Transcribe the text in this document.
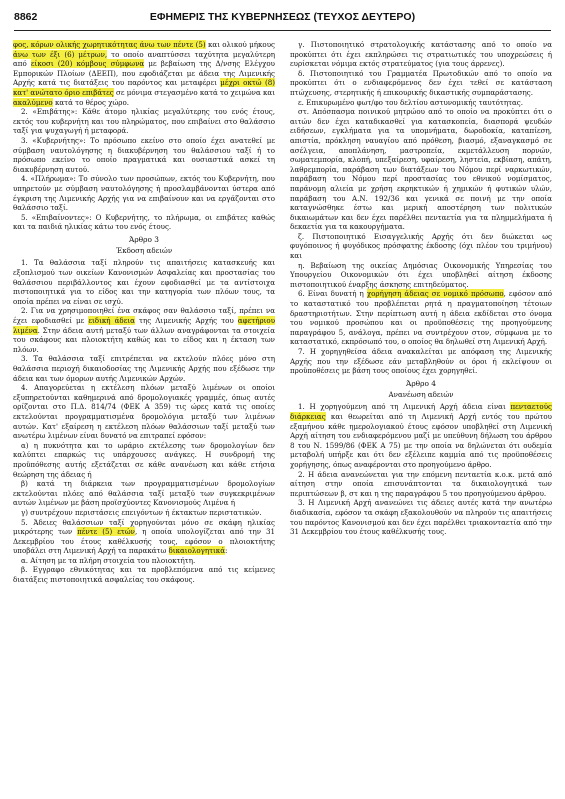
8862	ΕΦΗΜΕΡΙΣ ΤΗΣ ΚΥΒΕΡΝΗΣΕΩΣ (ΤΕΥΧΟΣ ΔΕΥΤΕΡΟ)

φος, κόρων ολικής χωρητικότητας άνω των πέντε (5) και ολικού μήκους άνω των έξι (6) μέτρων, το οποίο αναπτύσσει ταχύτητα μεγαλύτερη από είκοσι (20) κόμβους σύμφωνα με βεβαίωση της Δ/νσης Ελέγχου Εμπορικών Πλοίων (ΔΕΕΠ), που εφοδιάζεται με άδεια της Λιμενικής Αρχής κατά τις διατάξεις του παρόντος και μεταφέρει μέχρι οκτώ (8) κατ' ανώτατο όριο επιβάτες σε μόνιμα στεγασμένο κατά το χειμώνα και ακαλύμενο κατά το θέρος χώρο.

2. «Επιβάτης»: Κάθε άτομο ηλικίας μεγαλύτερης του ενός έτους, εκτός του κυβερνήτη και του πληρώματος, που επιβαίνει στο θαλάσσιο ταξί για ψυχαγωγή ή μεταφορά.

3. «Κυβερνήτης»: Το πρόσωπο εκείνο στο οποίο έχει ανατεθεί με σύμβαση ναυτολόγησης η διακυβέρνηση του θαλάσσιου ταξί ή το πρόσωπο εκείνο το οποίο πραγματικά και ουσιαστικά ασκεί τη διακυβέρνηση αυτού.

4. «Πλήρωμα»: Το σύνολο των προσώπων, εκτός του Κυβερνήτη, που υπηρετούν με σύμβαση ναυτολόγησης ή προσλαμβάνονται ύστερα από έγκριση της Λιμενικής Αρχής για να επιβαίνουν και να εργάζονται στο θαλάσσιο ταξί.

5. «Επιβαίνοντες»: Ο Κυβερνήτης, το πλήρωμα, οι επιβάτες καθώς και τα παιδιά ηλικίας κάτω του ενός έτους.

Άρθρο 3
Έκδοση αδειών

1. Τα θαλάσσια ταξί πληρούν τις απαιτήσεις κατασκευής και εξοπλισμού των οικείων Κανονισμών Ασφαλείας και προστασίας του θαλάσσιου περιβάλλοντος και έχουν εφοδιασθεί με τα αντίστοιχα πιστοποιητικά για το είδος και την κατηγορία των πλόων τους, τα οποία πρέπει να είναι σε ισχύ.

2. Για να χρησιμοποιηθεί ένα σκάφος σαν θαλάσσιο ταξί, πρέπει να έχει εφοδιασθεί με ειδική άδεια της Λιμενικής Αρχής του αφετήριου λιμένα. Στην άδεια αυτή μεταξύ των άλλων αναγράφονται τα στοιχεία του σκάφους και πλοιοκτήτη καθώς και το είδος και η έκταση των πλόων.

3. Τα θαλάσσια ταξί επιτρέπεται να εκτελούν πλόες μόνο στη θαλάσσια περιοχή δικαιοδοσίας της Λιμενικής Αρχής που εξέδωσε την άδεια και των όμορων αυτής Λιμενικών Αρχών.

4. Απαγορεύεται η εκτέλεση πλόων μεταξύ λιμένων οι οποίοι εξυπηρετούνται καθημερινά από δρομολογιακές γραμμές, όπως αυτές ορίζονται στο Π.Δ. 814/74 (ΦΕΚ Α 359) τις ώρες κατά τις οποίες εκτελούνται προγραμματισμένα δρομολόγια μεταξύ των λιμένων αυτών. Κατ' εξαίρεση η εκτέλεση πλόων θαλάσσιων ταξί μεταξύ των ανωτέρω λιμένων είναι δυνατό να επιτραπεί εφόσον:

α) η πυκνότητα και το ωράριο εκτέλεσης των δρομολογίων δεν καλύπτει επαρκώς τις υπάρχουσες ανάγκες. Η συνδρομή της προϋπόθεσης αυτής εξετάζεται σε κάθε ανανέωση και κάθε ετήσια θεώρηση της άδειας ή

β) κατά τη διάρκεια των προγραμματισμένων δρομολογίων εκτελούνται πλόες από θαλάσσια ταξί μεταξύ των συγκεκριμένων αυτών λιμένων με βάση προϊσχύοντες Κανονισμούς Λιμένα ή

γ) συντρέχουν περιστάσεις επειγόντων ή έκτακτων περιστατικών.

5. Άδειες θαλάσσιων ταξί χορηγούνται μόνο σε σκάφη ηλικίας μικρότερης των πέντε (5) ετών, η οποία υπολογίζεται από την 31 Δεκεμβρίου του έτους καθέλκυσής τους, εφόσον ο πλοιοκτήτης υποβάλει στη Λιμενική Αρχή τα παρακάτω δικαιολογητικά:

α. Αίτηση με τα πλήρη στοιχεία του πλοιοκτήτη.

β. Εγγραφο εθνικότητας και τα προβλεπόμενα από τις κείμενες διατάξεις πιστοποιητικά ασφαλείας του σκάφους.

γ. Πιστοποιητικό στρατολογικής κατάστασης από το οποίο να προκύπτει ότι έχει εκπληρώσει τις στρατιωτικές του υποχρεώσεις ή ευρίσκεται νόμιμα εκτός στρατεύματος (για τους άρρενες).

δ. Πιστοποιητικό του Γραμματέα Πρωτοδικών από το οποίο να προκύπτει ότι ο ενδιαφερόμενος δεν έχει τεθεί σε κατάσταση πτώχευσης, στερητικής ή επικουρικής δικαστικής συμπαράστασης.

ε. Επικυρωμένο φωτ/φο του δελτίου αστυνομικής ταυτότητας.

στ. Απόσπασμα ποινικού μητρώου από το οποίο να προκύπτει ότι ο αιτών δεν έχει καταδικασθεί για κατασκοπεία, διασπορά ψευδών ειδήσεων, εγκλήματα για τα υπομνήματα, δωροδοκία, καταπίεση, απιστία, πρόκληση ναυαγίου από πρόθεση, βιασμό, εξαναγκασμό σε ασέλγεια, αποπλάνηση, μαστροπεία, εκμετάλλευση πορνών, σωματεμπορία, κλοπή, υπεξαίρεση, υφαίρεση, ληστεία, εκβίαση, απάτη, λαθρεμπορία, παράβαση των διατάξεων του Νόμου περί ναρκωτικών, παράβαση του Νόμου περί προστασίας του εθνικού νομίσματος, παράνομη αλιεία με χρήση εκρηκτικών ή χημικών ή φυτικών υλών, παράβαση του Α.Ν. 192/36 και γενικά σε ποινή με την οποία καταγνώσθηκε έστω και μερική αποστέρηση των πολιτικών δικαιωμάτων και δεν έχει παρέλθει πενταετία για τα πλημμελήματα ή δεκαετία για τα κακουργήματα.

ζ. Πιστοποιητικό Εισαγγελικής Αρχής ότι δεν διώκεται ως φυγόποινος ή φυγόδικος πρόσφατης έκδοσης (όχι πλέον του τριμήνου) και

η. Βεβαίωση της οικείας Δημόσιας Οικονομικής Υπηρεσίας του Υπουργείου Οικονομικών ότι έχει υποβληθεί αίτηση έκδοσης πιστοποιητικού έναρξης άσκησης επιτηδεύματος.

6. Είναι δυνατή η χορήγηση άδειας σε νομικό πρόσωπο, εφόσον από το καταστατικό του προβλέπεται ρητά η πραγματοποίηση τέτοιων δραστηριοτήτων. Στην περίπτωση αυτή η άδεια εκδίδεται στο όνομα του νομικού προσώπου και οι προϋποθέσεις της προηγούμενης παραγράφου 5, ανάλογα, πρέπει να συντρέχουν στον, σύμφωνα με το καταστατικό, εκπρόσωπό του, ο οποίος θα δηλωθεί στη Λιμενική Αρχή.

7. Η χορηγηθείσα άδεια ανακαλείται με απόφαση της Λιμενικής Αρχής που την εξέδωσε εάν μεταβληθούν οι όροι ή εκλείψουν οι προϋποθέσεις με βάση τους οποίους έχει χορηγηθεί.

Άρθρο 4
Ανανέωση αδειών

1. Η χορηγούμενη από τη Λιμενική Αρχή άδεια είναι πενταετούς διάρκειας και θεωρείται από τη Λιμενική Αρχή εντός του πρώτου εξαμήνου κάθε ημερολογιακού έτους εφόσον υποβληθεί στη Λιμενική Αρχή αίτηση του ενδιαφερόμενου μαζί με υπεύθυνη δήλωση του άρθρου 8 του Ν. 1599/86 (ΦΕΚ Α 75) με την οποία να δηλώνεται ότι ουδεμία μεταβολή υπήρξε και ότι δεν εξέλειπε καμμία από τις προϋποθέσεις χορήγησης, όπως αναφέρονται στο προηγούμενο άρθρο.

2. Η άδεια ανανεώνεται για την επόμενη πενταετία κ.ο.κ. μετά από αίτηση στην οποία επισυνάπτονται τα δικαιολογητικά των περιπτώσεων β, στ και η της παραγράφου 5 του προηγούμενου άρθρου.

3. Η Λιμενική Αρχή ανανεώνει τις άδειες αυτές κατά την ανωτέρω διαδικασία, εφόσον τα σκάφη εξακολουθούν να πληρούν τις απαιτήσεις του παρόντος Κανονισμού και δεν έχει παρέλθει τριακονταετία από την 31 Δεκεμβρίου του έτους καθέλκυσής τους.
